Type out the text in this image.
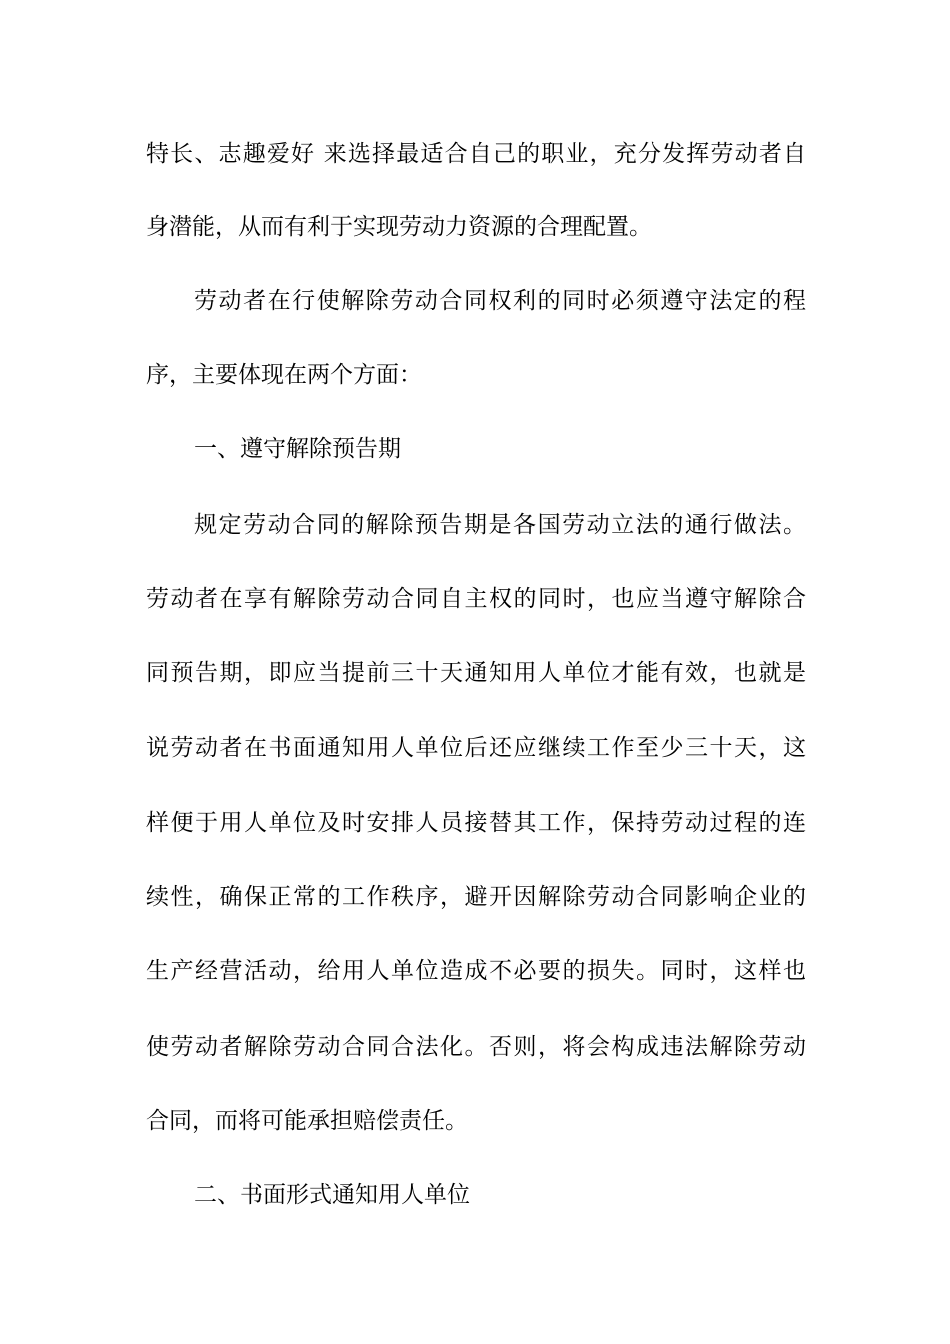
特长、志趣爱好 来选择最适合自己的职业，充分发挥劳动者自
身潜能，从而有利于实现劳动力资源的合理配置。
劳动者在行使解除劳动合同权利的同时必须遵守法定的程
序，主要体现在两个方面：
一、遵守解除预告期
规定劳动合同的解除预告期是各国劳动立法的通行做法。
劳动者在享有解除劳动合同自主权的同时，也应当遵守解除合
同预告期，即应当提前三十天通知用人单位才能有效，也就是
说劳动者在书面通知用人单位后还应继续工作至少三十天，这
样便于用人单位及时安排人员接替其工作，保持劳动过程的连
续性，确保正常的工作秩序，避开因解除劳动合同影响企业的
生产经营活动，给用人单位造成不必要的损失。同时，这样也
使劳动者解除劳动合同合法化。否则，将会构成违法解除劳动
合同，而将可能承担赔偿责任。
二、书面形式通知用人单位
